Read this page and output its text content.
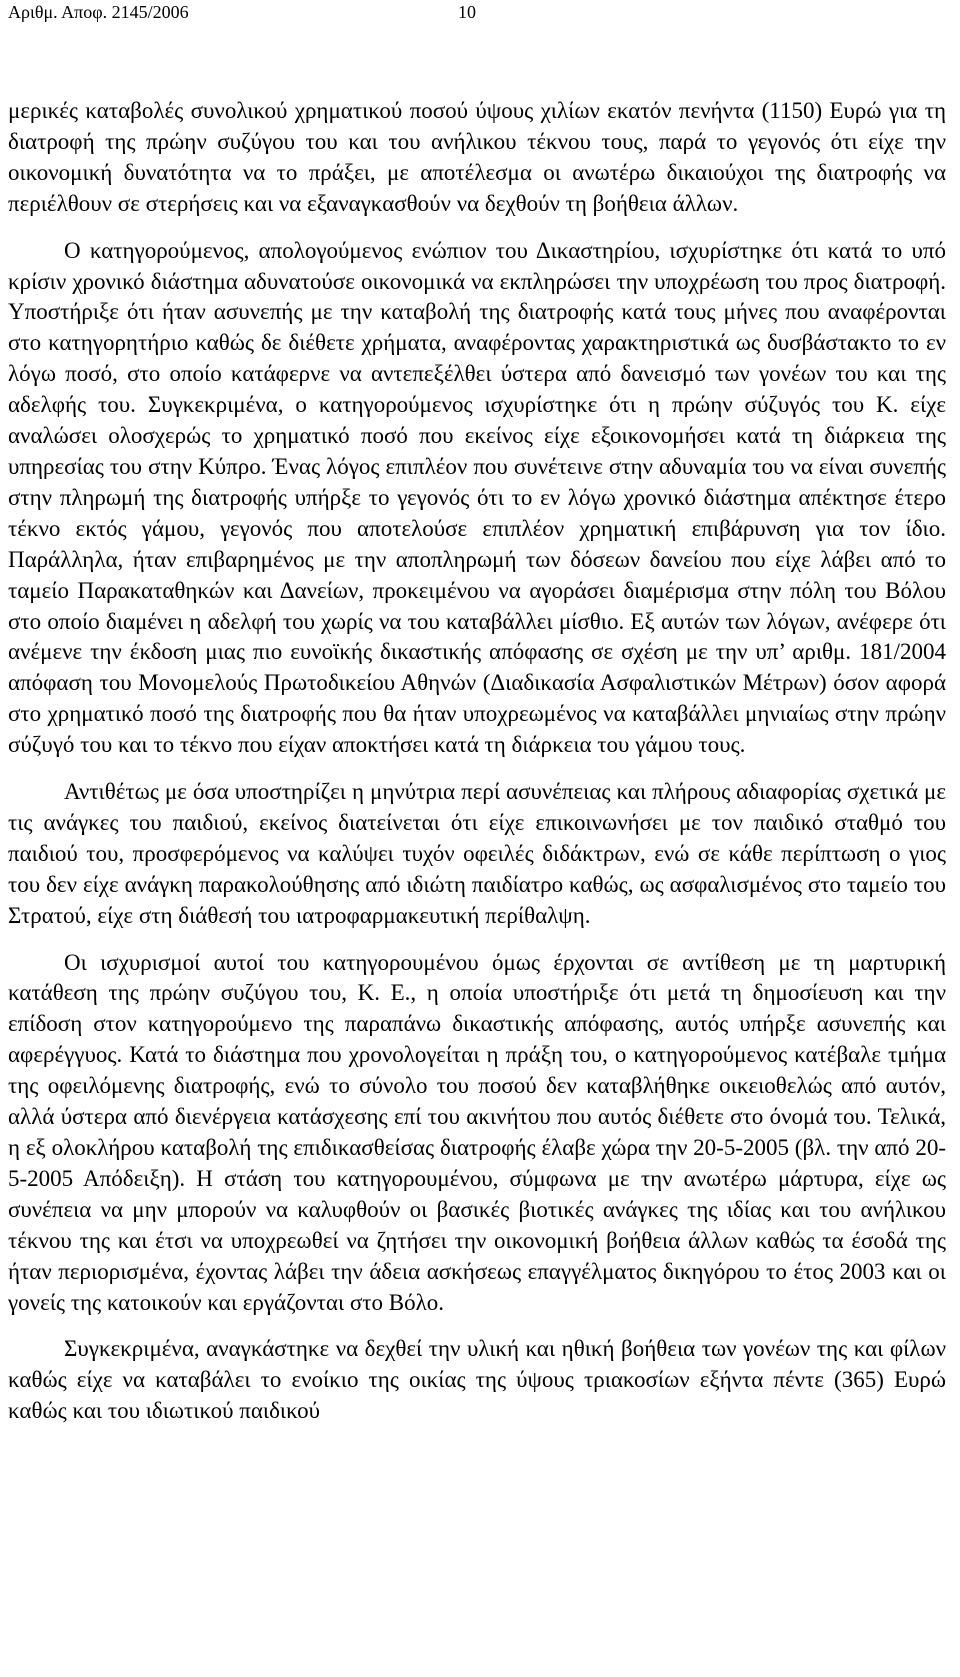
Αριθμ. Αποφ. 2145/2006	10

μερικές καταβολές συνολικού χρηματικού ποσού ύψους χιλίων εκατόν πενήντα (1150) Ευρώ για τη διατροφή της πρώην συζύγου του και του ανήλικου τέκνου τους, παρά το γεγονός ότι είχε την οικονομική δυνατότητα να το πράξει, με αποτέλεσμα οι ανωτέρω δικαιούχοι της διατροφής να περιέλθουν σε στερήσεις και να εξαναγκασθούν να δεχθούν τη βοήθεια άλλων.

Ο κατηγορούμενος, απολογούμενος ενώπιον του Δικαστηρίου, ισχυρίστηκε ότι κατά το υπό κρίσιν χρονικό διάστημα αδυνατούσε οικονομικά να εκπληρώσει την υποχρέωση του προς διατροφή. Υποστήριξε ότι ήταν ασυνεπής με την καταβολή της διατροφής κατά τους μήνες που αναφέρονται στο κατηγορητήριο καθώς δε διέθετε χρήματα, αναφέροντας χαρακτηριστικά ως δυσβάστακτο το εν λόγω ποσό, στο οποίο κατάφερνε να αντεπεξέλθει ύστερα από δανεισμό των γονέων του και της αδελφής του. Συγκεκριμένα, ο κατηγορούμενος ισχυρίστηκε ότι η πρώην σύζυγός του Κ. είχε αναλώσει ολοσχερώς το χρηματικό ποσό που εκείνος είχε εξοικονομήσει κατά τη διάρκεια της υπηρεσίας του στην Κύπρο. Ένας λόγος επιπλέον που συνέτεινε στην αδυναμία του να είναι συνεπής στην πληρωμή της διατροφής υπήρξε το γεγονός ότι το εν λόγω χρονικό διάστημα απέκτησε έτερο τέκνο εκτός γάμου, γεγονός που αποτελούσε επιπλέον χρηματική επιβάρυνση για τον ίδιο. Παράλληλα, ήταν επιβαρημένος με την αποπληρωμή των δόσεων δανείου που είχε λάβει από το ταμείο Παρακαταθηκών και Δανείων, προκειμένου να αγοράσει διαμέρισμα στην πόλη του Βόλου στο οποίο διαμένει η αδελφή του χωρίς να του καταβάλλει μίσθιο. Εξ αυτών των λόγων, ανέφερε ότι ανέμενε την έκδοση μιας πιο ευνοϊκής δικαστικής απόφασης σε σχέση με την υπ’ αριθμ. 181/2004 απόφαση του Μονομελούς Πρωτοδικείου Αθηνών (Διαδικασία Ασφαλιστικών Μέτρων) όσον αφορά στο χρηματικό ποσό της διατροφής που θα ήταν υποχρεωμένος να καταβάλλει μηνιαίως στην πρώην σύζυγό του και το τέκνο που είχαν αποκτήσει κατά τη διάρκεια του γάμου τους.

Αντιθέτως με όσα υποστηρίζει η μηνύτρια περί ασυνέπειας και πλήρους αδιαφορίας σχετικά με τις ανάγκες του παιδιού, εκείνος διατείνεται ότι είχε επικοινωνήσει με τον παιδικό σταθμό του παιδιού του, προσφερόμενος να καλύψει τυχόν οφειλές διδάκτρων, ενώ σε κάθε περίπτωση ο γιος του δεν είχε ανάγκη παρακολούθησης από ιδιώτη παιδίατρο καθώς, ως ασφαλισμένος στο ταμείο του Στρατού, είχε στη διάθεσή του ιατροφαρμακευτική περίθαλψη.

Οι ισχυρισμοί αυτοί του κατηγορουμένου όμως έρχονται σε αντίθεση με τη μαρτυρική κατάθεση της πρώην συζύγου του, Κ. Ε., η οποία υποστήριξε ότι μετά τη δημοσίευση και την επίδοση στον κατηγορούμενο της παραπάνω δικαστικής απόφασης, αυτός υπήρξε ασυνεπής και αφερέγγυος. Κατά το διάστημα που χρονολογείται η πράξη του, ο κατηγορούμενος κατέβαλε τμήμα της οφειλόμενης διατροφής, ενώ το σύνολο του ποσού δεν καταβλήθηκε οικειοθελώς από αυτόν, αλλά ύστερα από διενέργεια κατάσχεσης επί του ακινήτου που αυτός διέθετε στο όνομά του. Τελικά, η εξ ολοκλήρου καταβολή της επιδικασθείσας διατροφής έλαβε χώρα την 20-5-2005 (βλ. την από 20-5-2005 Απόδειξη). Η στάση του κατηγορουμένου, σύμφωνα με την ανωτέρω μάρτυρα, είχε ως συνέπεια να μην μπορούν να καλυφθούν οι βασικές βιοτικές ανάγκες της ιδίας και του ανήλικου τέκνου της και έτσι να υποχρεωθεί να ζητήσει την οικονομική βοήθεια άλλων καθώς τα έσοδά της ήταν περιορισμένα, έχοντας λάβει την άδεια ασκήσεως επαγγέλματος δικηγόρου το έτος 2003 και οι γονείς της κατοικούν και εργάζονται στο Βόλο.

Συγκεκριμένα, αναγκάστηκε να δεχθεί την υλική και ηθική βοήθεια των γονέων της και φίλων καθώς είχε να καταβάλει το ενοίκιο της οικίας της ύψους τριακοσίων εξήντα πέντε (365) Ευρώ καθώς και του ιδιωτικού παιδικού
